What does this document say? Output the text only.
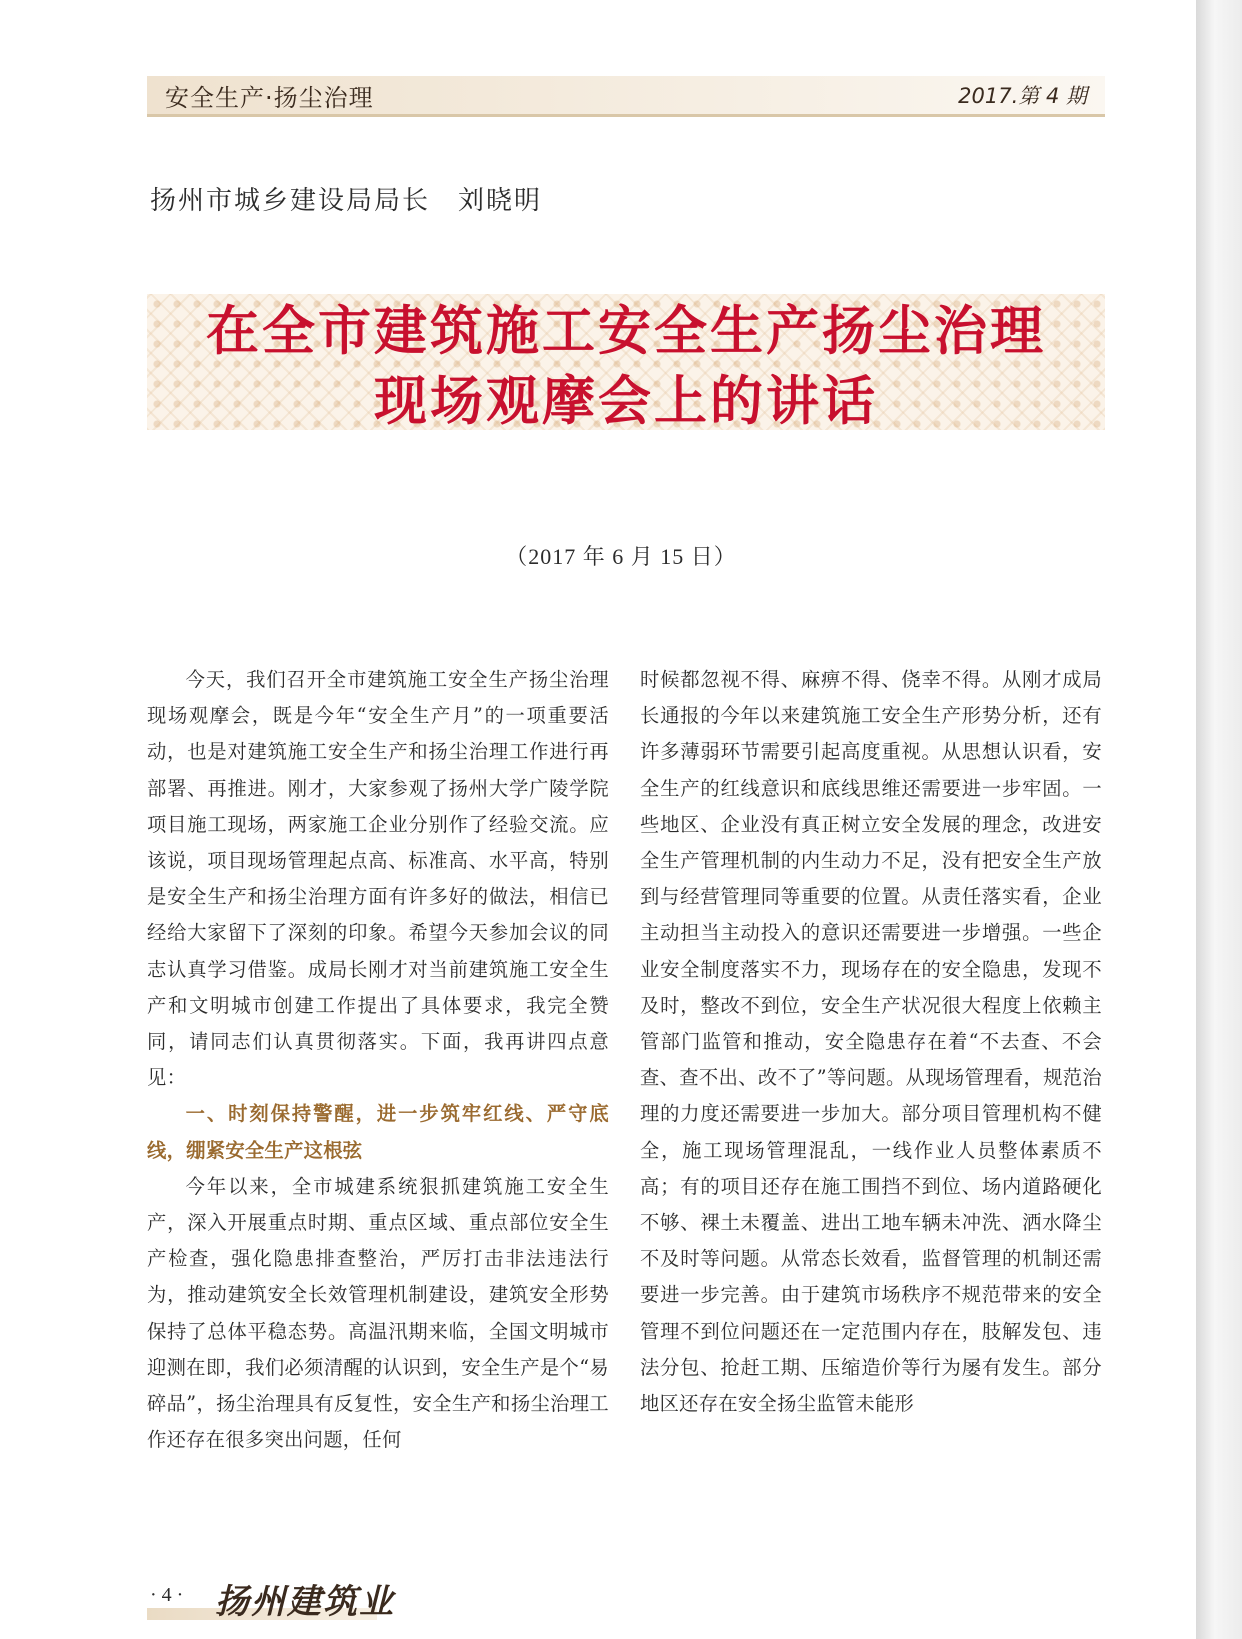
安全生产·扬尘治理	2017.第 4 期
扬州市城乡建设局局长　刘晓明
在全市建筑施工安全生产扬尘治理
现场观摩会上的讲话
（2017 年 6 月 15 日）

今天，我们召开全市建筑施工安全生产扬尘治理现场观摩会，既是今年“安全生产月”的一项重要活动，也是对建筑施工安全生产和扬尘治理工作进行再部署、再推进。刚才，大家参观了扬州大学广陵学院项目施工现场，两家施工企业分别作了经验交流。应该说，项目现场管理起点高、标准高、水平高，特别是安全生产和扬尘治理方面有许多好的做法，相信已经给大家留下了深刻的印象。希望今天参加会议的同志认真学习借鉴。成局长刚才对当前建筑施工安全生产和文明城市创建工作提出了具体要求，我完全赞同，请同志们认真贯彻落实。下面，我再讲四点意见：

一、时刻保持警醒，进一步筑牢红线、严守底线，绷紧安全生产这根弦

今年以来，全市城建系统狠抓建筑施工安全生产，深入开展重点时期、重点区域、重点部位安全生产检查，强化隐患排查整治，严厉打击非法违法行为，推动建筑安全长效管理机制建设，建筑安全形势保持了总体平稳态势。高温汛期来临，全国文明城市迎测在即，我们必须清醒的认识到，安全生产是个“易碎品”，扬尘治理具有反复性，安全生产和扬尘治理工作还存在很多突出问题，任何

时候都忽视不得、麻痹不得、侥幸不得。从刚才成局长通报的今年以来建筑施工安全生产形势分析，还有许多薄弱环节需要引起高度重视。从思想认识看，安全生产的红线意识和底线思维还需要进一步牢固。一些地区、企业没有真正树立安全发展的理念，改进安全生产管理机制的内生动力不足，没有把安全生产放到与经营管理同等重要的位置。从责任落实看，企业主动担当主动投入的意识还需要进一步增强。一些企业安全制度落实不力，现场存在的安全隐患，发现不及时，整改不到位，安全生产状况很大程度上依赖主管部门监管和推动，安全隐患存在着“不去查、不会查、查不出、改不了”等问题。从现场管理看，规范治理的力度还需要进一步加大。部分项目管理机构不健全，施工现场管理混乱，一线作业人员整体素质不高；有的项目还存在施工围挡不到位、场内道路硬化不够、裸土未覆盖、进出工地车辆未冲洗、洒水降尘不及时等问题。从常态长效看，监督管理的机制还需要进一步完善。由于建筑市场秩序不规范带来的安全管理不到位问题还在一定范围内存在，肢解发包、违法分包、抢赶工期、压缩造价等行为屡有发生。部分地区还存在安全扬尘监管未能形

· 4 · 扬州建筑业
